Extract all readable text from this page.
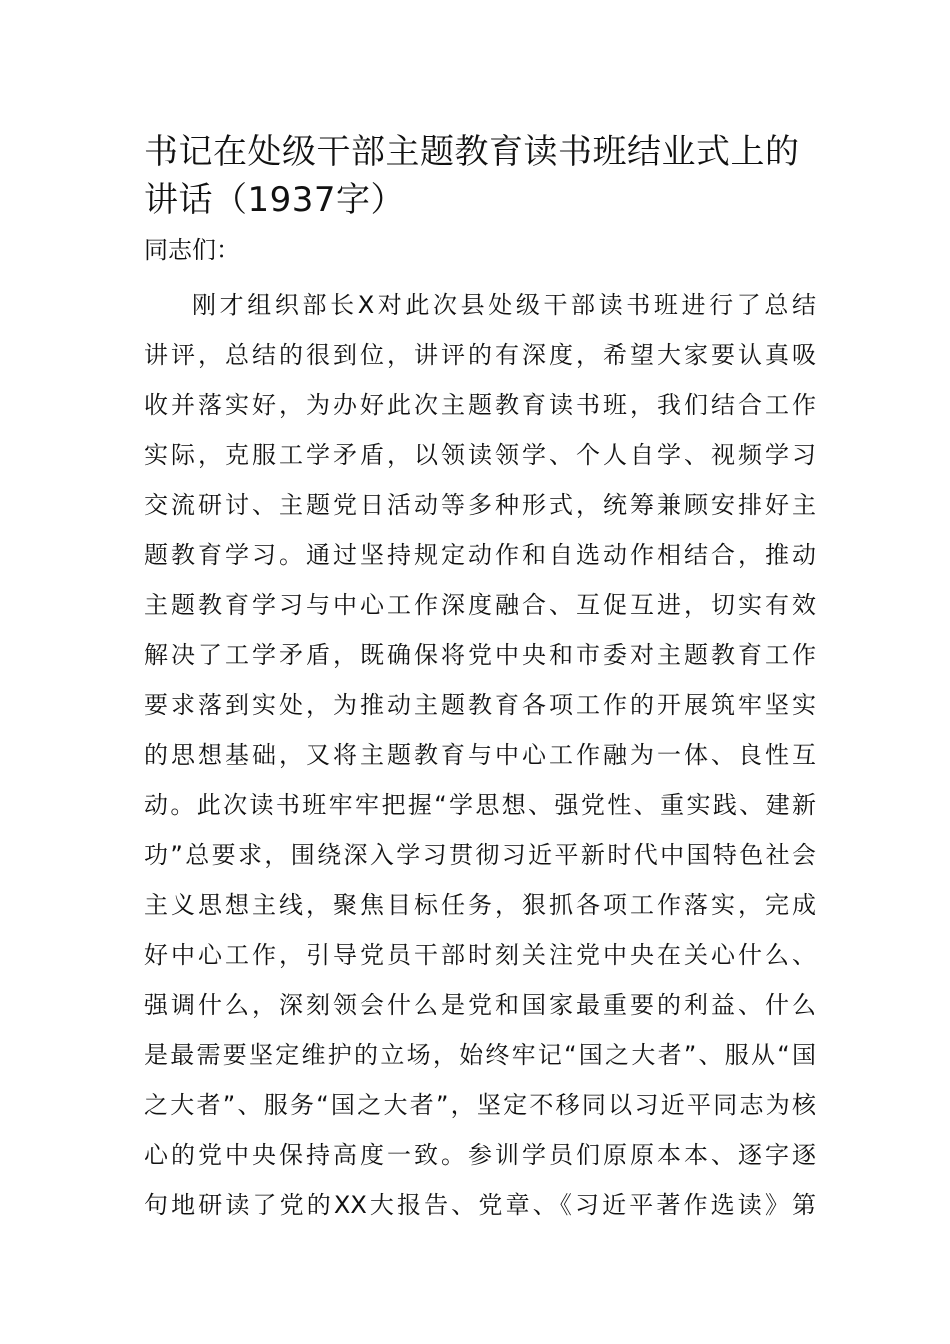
书记在处级干部主题教育读书班结业式上的讲话（1937字）
同志们：
刚才组织部长X对此次县处级干部读书班进行了总结
讲评，总结的很到位，讲评的有深度，希望大家要认真吸
收并落实好，为办好此次主题教育读书班，我们结合工作
实际，克服工学矛盾，以领读领学、个人自学、视频学习
交流研讨、主题党日活动等多种形式，统筹兼顾安排好主
题教育学习。通过坚持规定动作和自选动作相结合，推动
主题教育学习与中心工作深度融合、互促互进，切实有效
解决了工学矛盾，既确保将党中央和市委对主题教育工作
要求落到实处，为推动主题教育各项工作的开展筑牢坚实
的思想基础，又将主题教育与中心工作融为一体、良性互
动。此次读书班牢牢把握“学思想、强党性、重实践、建新
功”总要求，围绕深入学习贯彻习近平新时代中国特色社会
主义思想主线，聚焦目标任务，狠抓各项工作落实，完成
好中心工作，引导党员干部时刻关注党中央在关心什么、
强调什么，深刻领会什么是党和国家最重要的利益、什么
是最需要坚定维护的立场，始终牢记“国之大者”、服从“国
之大者”、服务“国之大者”，坚定不移同以习近平同志为核
心的党中央保持高度一致。参训学员们原原本本、逐字逐
句地研读了党的XX大报告、党章、《习近平著作选读》第
